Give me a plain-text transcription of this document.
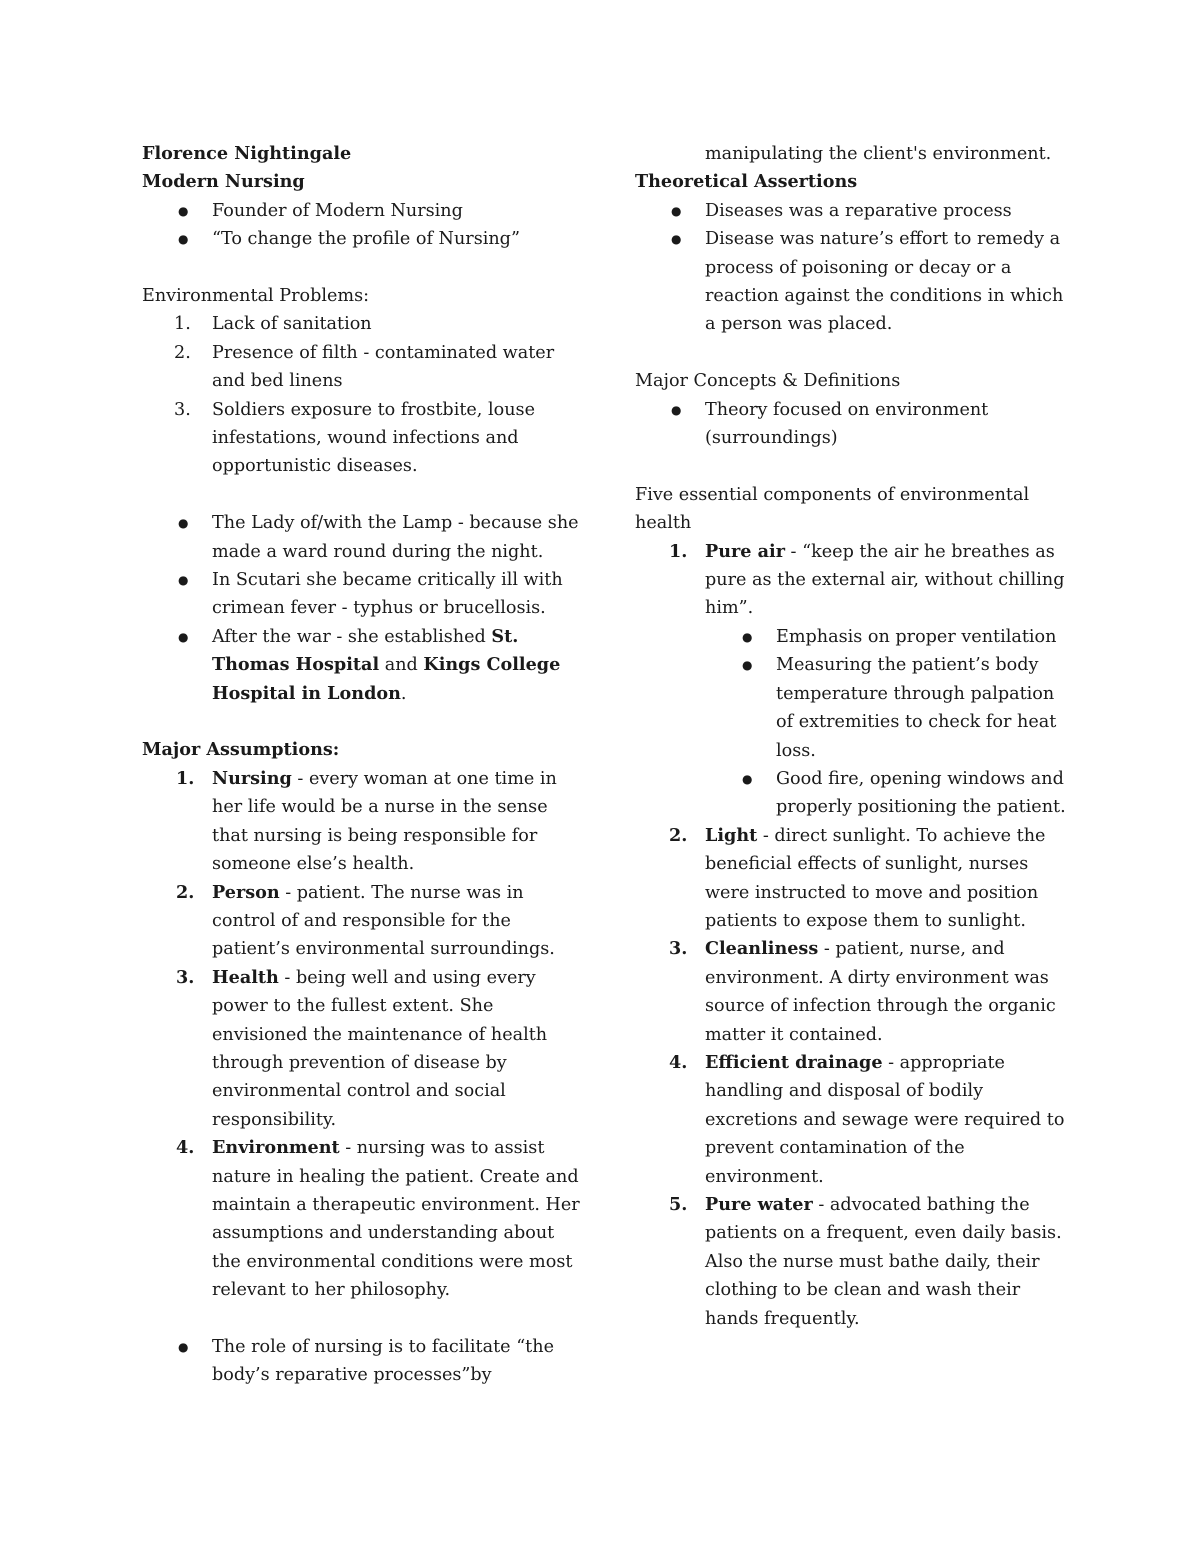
Florence Nightingale

Modern Nursing

● Founder of Modern Nursing
● “To change the profile of Nursing”

Environmental Problems:

1.	Lack of sanitation
2.	Presence of filth - contaminated water and bed linens
3.	Soldiers exposure to frostbite, louse infestations, wound infections and opportunistic diseases.
● The Lady of/with the Lamp - because she made a ward round during the night.
● In Scutari she became critically ill with crimean fever - typhus or brucellosis.
● After the war - she established St. Thomas Hospital and Kings College Hospital in London.

Major Assumptions:

1.	Nursing - every woman at one time in her life would be a nurse in the sense that nursing is being responsible for someone else’s health.
2.	Person - patient. The nurse was in control of and responsible for the patient’s environmental surroundings.
3.	Health - being well and using every power to the fullest extent. She envisioned the maintenance of health through prevention of disease by environmental control and social responsibility.
4.	Environment - nursing was to assist nature in healing the patient. Create and maintain a therapeutic environment. Her assumptions and understanding about the environmental conditions were most relevant to her philosophy.
● The role of nursing is to facilitate “the body’s reparative processes”by
manipulating the client's environment.

Theoretical Assertions

● Diseases was a reparative process
● Disease was nature’s effort to remedy a process of poisoning or decay or a reaction against the conditions in which a person was placed.

Major Concepts & Definitions

● Theory focused on environment (surroundings)

Five essential components of environmental health

1.	Pure air - “keep the air he breathes as pure as the external air, without chilling him”.
● Emphasis on proper ventilation
● Measuring the patient’s body temperature through palpation of extremities to check for heat loss.
● Good fire, opening windows and properly positioning the patient.
2.	Light - direct sunlight. To achieve the beneficial effects of sunlight, nurses were instructed to move and position patients to expose them to sunlight.
3.	Cleanliness - patient, nurse, and environment. A dirty environment was source of infection through the organic matter it contained.
4.	Efficient drainage - appropriate handling and disposal of bodily excretions and sewage were required to prevent contamination of the environment.
5.	Pure water - advocated bathing the patients on a frequent, even daily basis. Also the nurse must bathe daily, their clothing to be clean and wash their hands frequently.
